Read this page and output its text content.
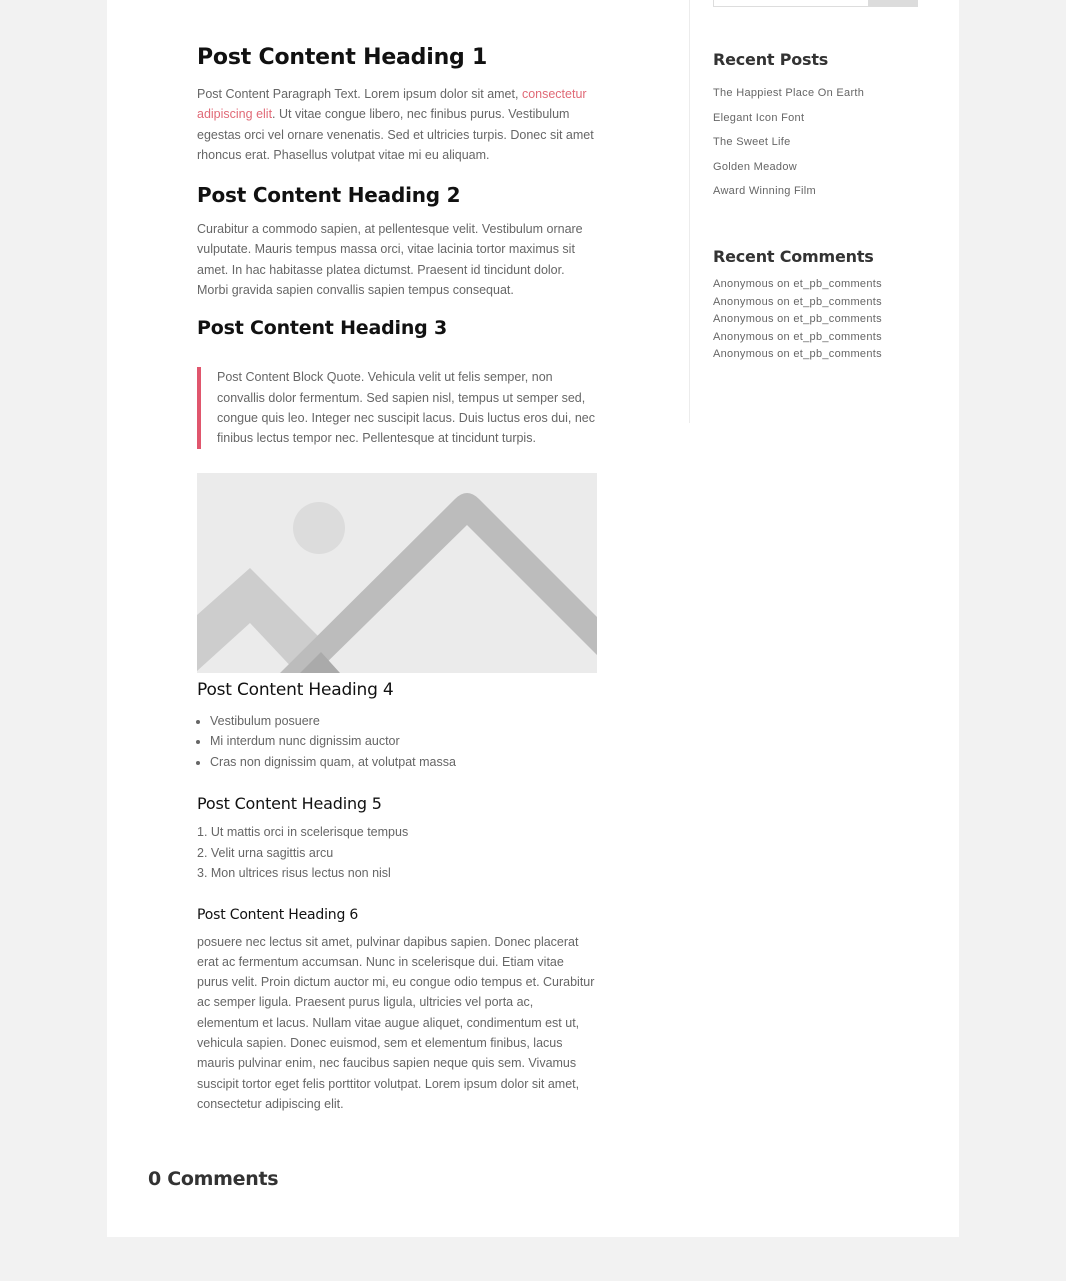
Post Content Heading 1

Post Content Paragraph Text. Lorem ipsum dolor sit amet, consectetur adipiscing elit. Ut vitae congue libero, nec finibus purus. Vestibulum egestas orci vel ornare venenatis. Sed et ultricies turpis. Donec sit amet rhoncus erat. Phasellus volutpat vitae mi eu aliquam.

Post Content Heading 2

Curabitur a commodo sapien, at pellentesque velit. Vestibulum ornare vulputate. Mauris tempus massa orci, vitae lacinia tortor maximus sit amet. In hac habitasse platea dictumst. Praesent id tincidunt dolor. Morbi gravida sapien convallis sapien tempus consequat.

Post Content Heading 3
Post Content Block Quote. Vehicula velit ut felis semper, non convallis dolor fermentum. Sed sapien nisl, tempus ut semper sed, congue quis leo. Integer nec suscipit lacus. Duis luctus eros dui, nec finibus lectus tempor nec. Pellentesque at tincidunt turpis.
Post Content Heading 4
• Vestibulum posuere
• Mi interdum nunc dignissim auctor
• Cras non dignissim quam, at volutpat massa
Post Content Heading 5
1. Ut mattis orci in scelerisque tempus
2. Velit urna sagittis arcu
3. Mon ultrices risus lectus non nisl
Post Content Heading 6

posuere nec lectus sit amet, pulvinar dapibus sapien. Donec placerat erat ac fermentum accumsan. Nunc in scelerisque dui. Etiam vitae purus velit. Proin dictum auctor mi, eu congue odio tempus et. Curabitur ac semper ligula. Praesent purus ligula, ultricies vel porta ac, elementum et lacus. Nullam vitae augue aliquet, condimentum est ut, vehicula sapien. Donec euismod, sem et elementum finibus, lacus mauris pulvinar enim, nec faucibus sapien neque quis sem. Vivamus suscipit tortor eget felis porttitor volutpat. Lorem ipsum dolor sit amet, consectetur adipiscing elit.

Recent Posts
The Happiest Place On Earth
Elegant Icon Font
The Sweet Life
Golden Meadow
Award Winning Film
Recent Comments
Anonymous on et_pb_comments
Anonymous on et_pb_comments
Anonymous on et_pb_comments
Anonymous on et_pb_comments
Anonymous on et_pb_comments
0 Comments
